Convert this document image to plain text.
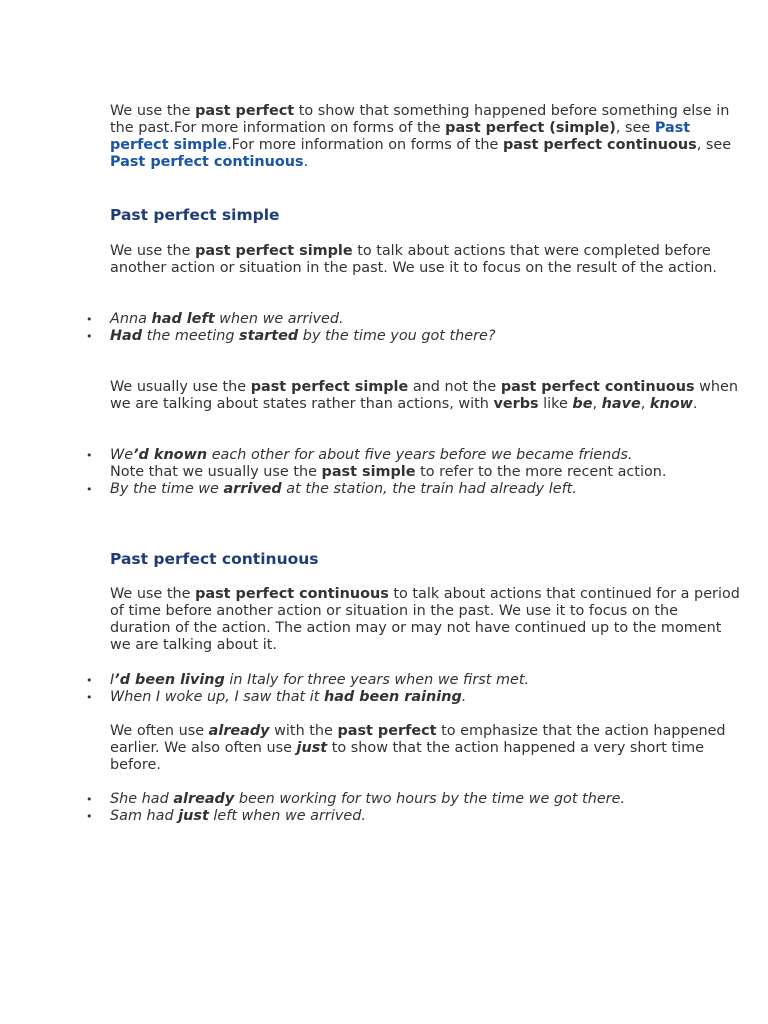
We use the past perfect to show that something happened before something else in the past.For more information on forms of the past perfect (simple), see Past perfect simple.For more information on forms of the past perfect continuous, see Past perfect continuous.

Past perfect simple

We use the past perfect simple to talk about actions that were completed before another action or situation in the past. We use it to focus on the result of the action.

• Anna had left when we arrived.
• Had the meeting started by the time you got there?

We usually use the past perfect simple and not the past perfect continuous when we are talking about states rather than actions, with verbs like be, have, know.

• We’d known each other for about five years before we became friends.

Note that we usually use the past simple to refer to the more recent action.

• By the time we arrived at the station, the train had already left.
Past perfect continuous

We use the past perfect continuous to talk about actions that continued for a period of time before another action or situation in the past. We use it to focus on the duration of the action. The action may or may not have continued up to the moment we are talking about it.

• I’d been living in Italy for three years when we first met.
• When I woke up, I saw that it had been raining.

We often use already with the past perfect to emphasize that the action happened earlier. We also often use just to show that the action happened a very short time before.

• She had already been working for two hours by the time we got there.
• Sam had just left when we arrived.
